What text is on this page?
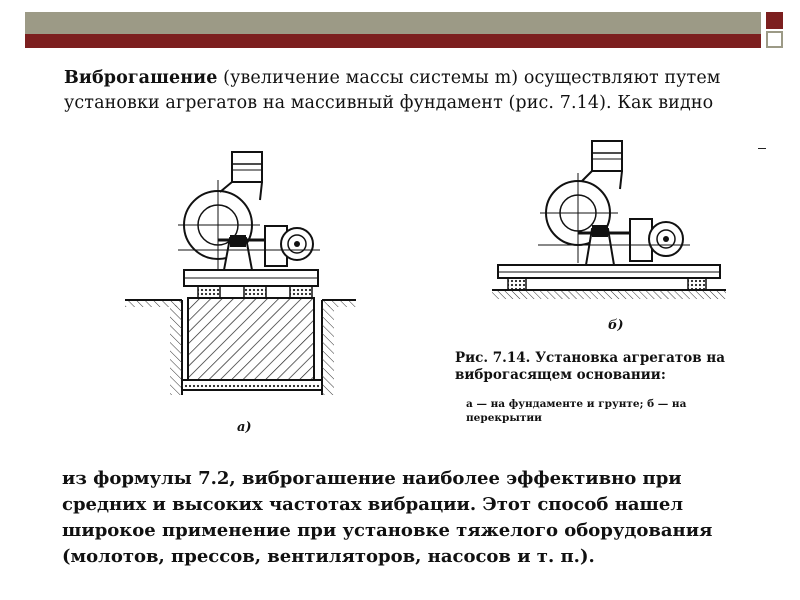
Виброгашение (увеличение массы системы m) осуществляют путем установки агрегатов на массивный фундамент (рис. 7.14). Как видно
а)
б)
Рис. 7.14. Установка агрегатов на виброгасящем основании:
а — на фундаменте и грунте; б — на перекрытии
из формулы 7.2, виброгашение наиболее эффективно при средних и высоких частотах вибрации. Этот способ нашел широкое применение при установке тяжелого оборудования (молотов, прессов, вентиляторов, насосов и т. п.).
